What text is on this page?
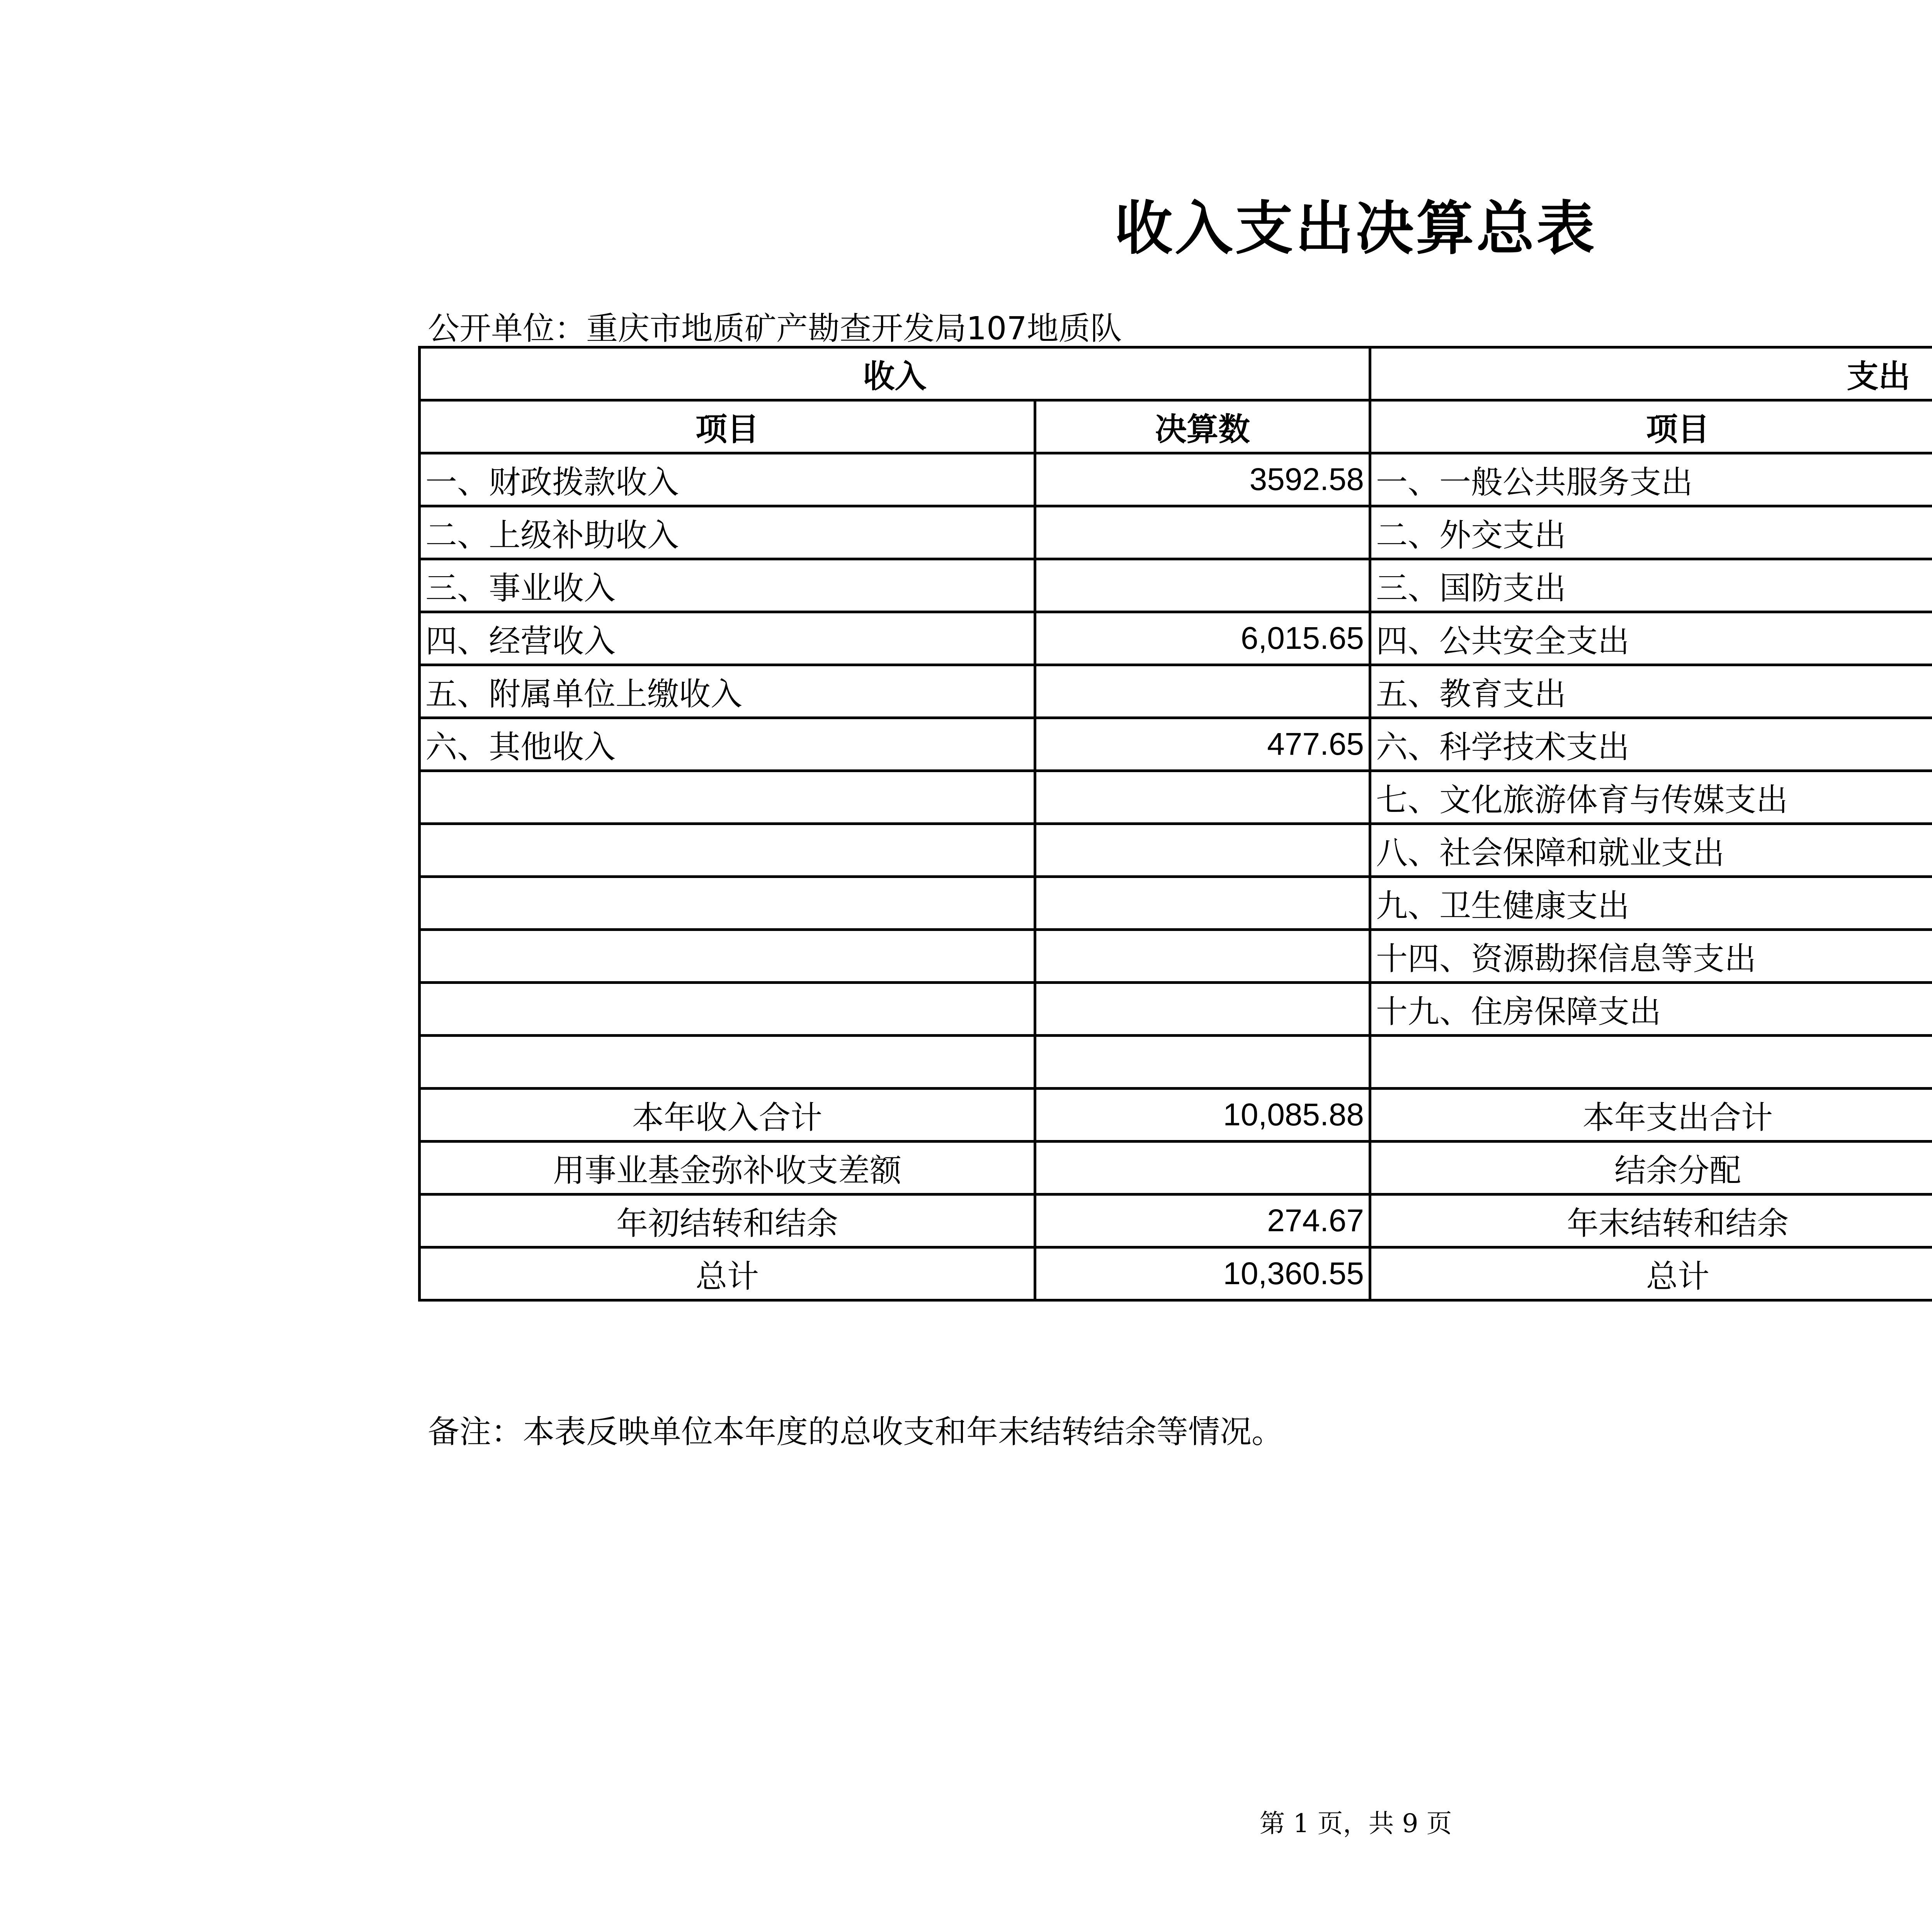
收入支出决算总表
公开单位：重庆市地质矿产勘查开发局107地质队
收入		支出	
项目	决算数	项目	
一、财政拨款收入	3592.58	一、一般公共服务支出	
二、上级补助收入		二、外交支出	
三、事业收入		三、国防支出	
四、经营收入	6,015.65	四、公共安全支出	
五、附属单位上缴收入		五、教育支出	
六、其他收入	477.65	六、科学技术支出	
		七、文化旅游体育与传媒支出	
		八、社会保障和就业支出	
		九、卫生健康支出	
		十四、资源勘探信息等支出	
		十九、住房保障支出	

本年收入合计	10,085.88	本年支出合计	
用事业基金弥补收支差额		结余分配	
年初结转和结余	274.67	年末结转和结余	
总计	10,360.55	总计	
备注：本表反映单位本年度的总收支和年末结转结余等情况。
第 1 页，共 9 页
